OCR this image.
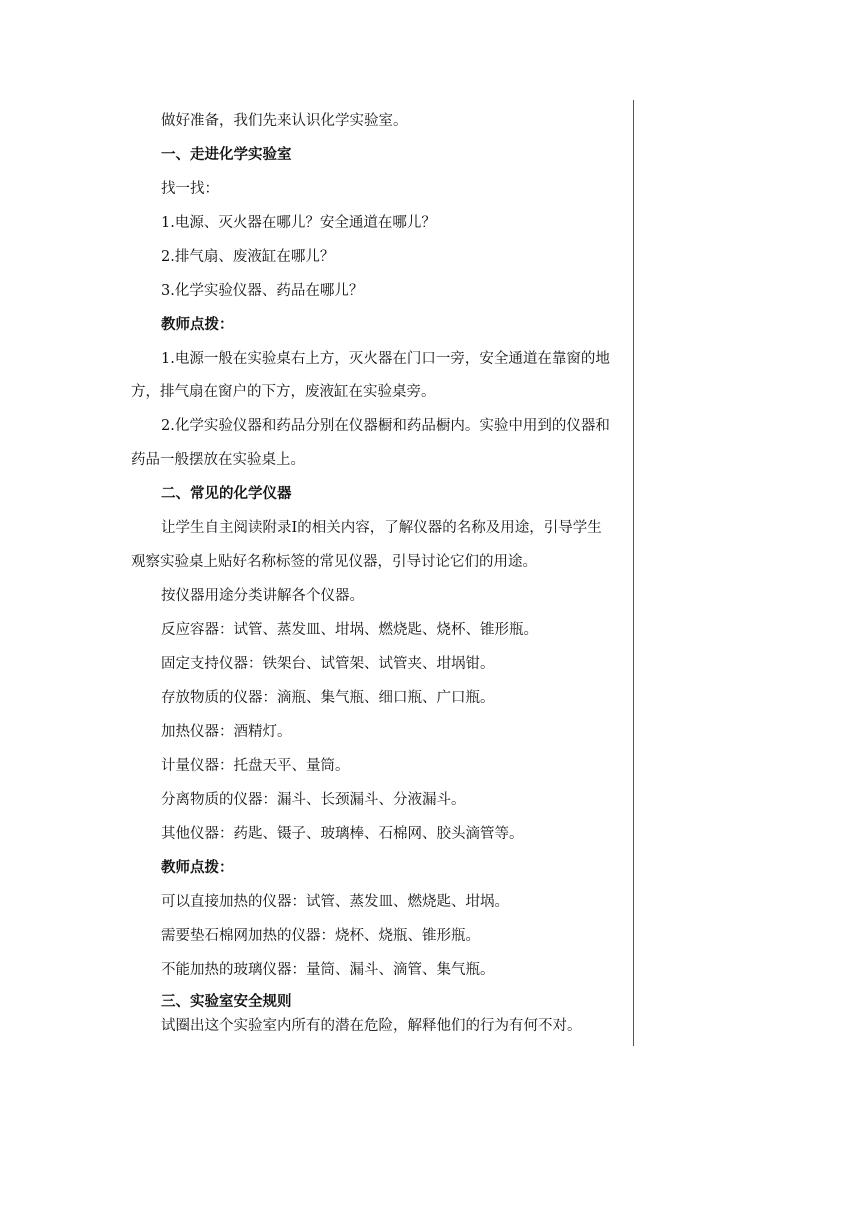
做好准备，我们先来认识化学实验室。
一、走进化学实验室
找一找：
1.电源、灭火器在哪儿？安全通道在哪儿？
2.排气扇、废液缸在哪儿？
3.化学实验仪器、药品在哪儿？
教师点拨：
1.电源一般在实验桌右上方，灭火器在门口一旁，安全通道在靠窗的地
方，排气扇在窗户的下方，废液缸在实验桌旁。
2.化学实验仪器和药品分别在仪器橱和药品橱内。实验中用到的仪器和
药品一般摆放在实验桌上。
二、常见的化学仪器
让学生自主阅读附录Ⅰ的相关内容，了解仪器的名称及用途，引导学生
观察实验桌上贴好名称标签的常见仪器，引导讨论它们的用途。
按仪器用途分类讲解各个仪器。
反应容器：试管、蒸发皿、坩埚、燃烧匙、烧杯、锥形瓶。
固定支持仪器：铁架台、试管架、试管夹、坩埚钳。
存放物质的仪器：滴瓶、集气瓶、细口瓶、广口瓶。
加热仪器：酒精灯。
计量仪器：托盘天平、量筒。
分离物质的仪器：漏斗、长颈漏斗、分液漏斗。
其他仪器：药匙、镊子、玻璃棒、石棉网、胶头滴管等。
教师点拨：
可以直接加热的仪器：试管、蒸发皿、燃烧匙、坩埚。
需要垫石棉网加热的仪器：烧杯、烧瓶、锥形瓶。
不能加热的玻璃仪器：量筒、漏斗、滴管、集气瓶。
三、实验室安全规则
试圈出这个实验室内所有的潜在危险，解释他们的行为有何不对。
